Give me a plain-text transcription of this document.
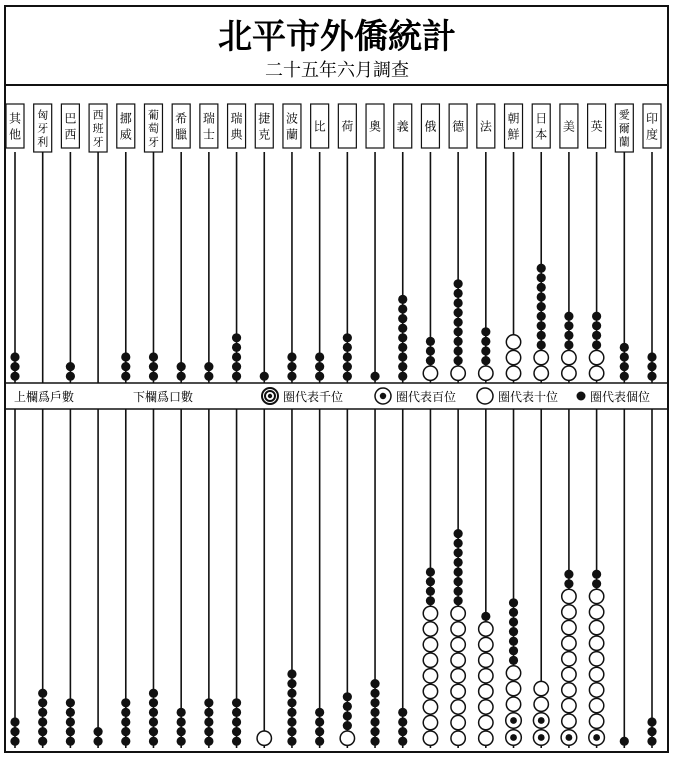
北平市外僑統計
二十五年六月調查
其他
匈牙利
巴西
西班牙
挪威
葡萄牙
希臘
瑞士
瑞典
捷克
波蘭
比 荷 奧 義 俄 德 法
朝鮮
日本
美 英
愛爾蘭
印度
上欄爲戶數	下欄爲口數	圈代表千位	圈代表百位	圈代表十位	圈代表個位
